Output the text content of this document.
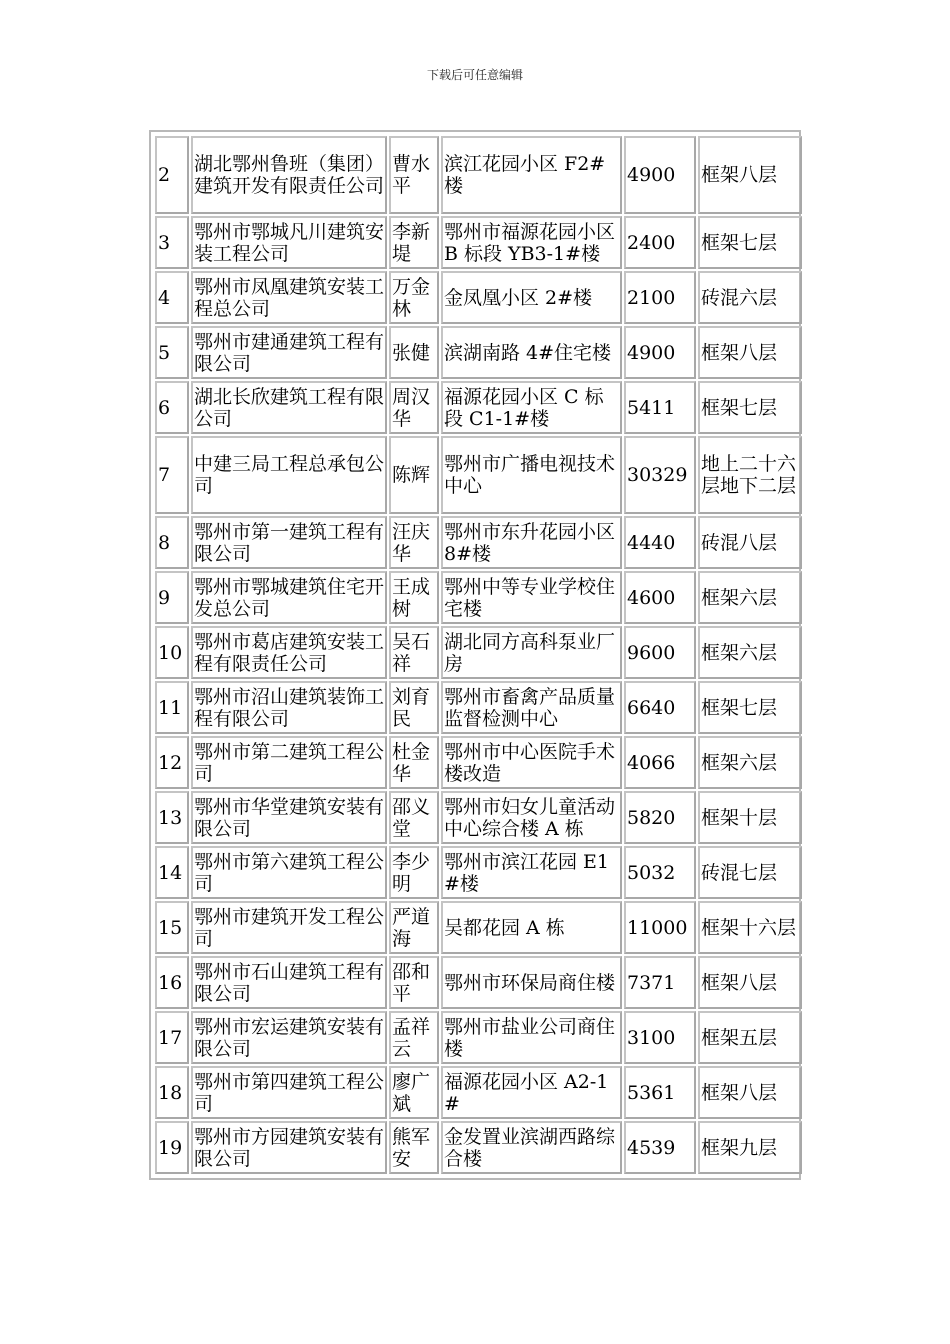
下载后可任意编辑
2	湖北鄂州鲁班（集团）建筑开发有限责任公司	曹水平	滨江花园小区 F2#楼	4900	框架八层
3	鄂州市鄂城凡川建筑安装工程公司	李新堤	鄂州市福源花园小区 B 标段 YB3-1#楼	2400	框架七层
4	鄂州市凤凰建筑安装工程总公司	万金林	金凤凰小区 2#楼	2100	砖混六层
5	鄂州市建通建筑工程有限公司	张健	滨湖南路 4#住宅楼	4900	框架八层
6	湖北长欣建筑工程有限公司	周汉华	福源花园小区 C 标段 C1-1#楼	5411	框架七层
7	中建三局工程总承包公司	陈辉	鄂州市广播电视技术中心	30329	地上二十六层地下二层
8	鄂州市第一建筑工程有限公司	汪庆华	鄂州市东升花园小区 8#楼	4440	砖混八层
9	鄂州市鄂城建筑住宅开发总公司	王成树	鄂州中等专业学校住宅楼	4600	框架六层
10	鄂州市葛店建筑安装工程有限责任公司	吴石祥	湖北同方高科泵业厂房	9600	框架六层
11	鄂州市沼山建筑装饰工程有限公司	刘育民	鄂州市畜禽产品质量监督检测中心	6640	框架七层
12	鄂州市第二建筑工程公司	杜金华	鄂州市中心医院手术楼改造	4066	框架六层
13	鄂州市华堂建筑安装有限公司	邵义堂	鄂州市妇女儿童活动中心综合楼 A 栋	5820	框架十层
14	鄂州市第六建筑工程公司	李少明	鄂州市滨江花园 E1#楼	5032	砖混七层
15	鄂州市建筑开发工程公司	严道海	吴都花园 A 栋	11000	框架十六层
16	鄂州市石山建筑工程有限公司	邵和平	鄂州市环保局商住楼	7371	框架八层
17	鄂州市宏运建筑安装有限公司	孟祥云	鄂州市盐业公司商住楼	3100	框架五层
18	鄂州市第四建筑工程公司	廖广斌	福源花园小区 A2-1#	5361	框架八层
19	鄂州市方园建筑安装有限公司	熊军安	金发置业滨湖西路综合楼	4539	框架九层
